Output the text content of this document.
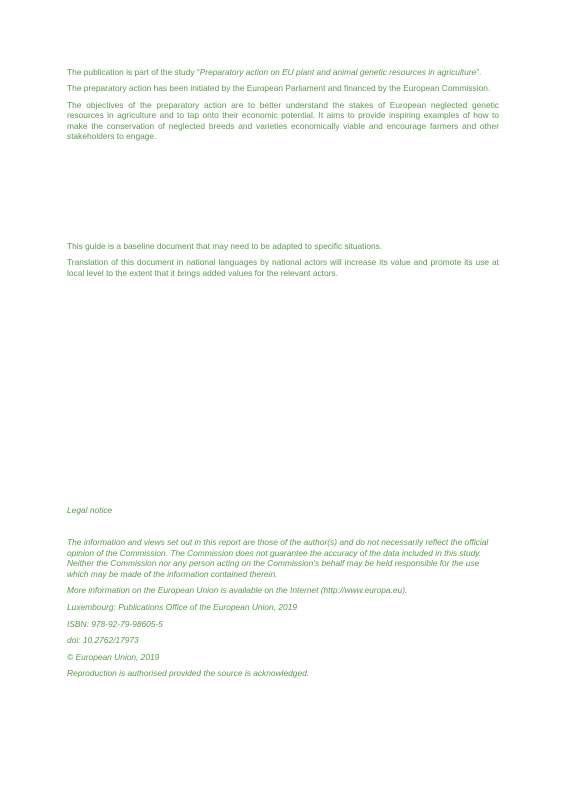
The publication is part of the study “Preparatory action on EU plant and animal genetic resources in agriculture”.

The preparatory action has been initiated by the European Parliament and financed by the European Commission.

The objectives of the preparatory action are to better understand the stakes of European neglected genetic resources in agriculture and to tap onto their economic potential. It aims to provide inspiring examples of how to make the conservation of neglected breeds and varieties economically viable and encourage farmers and other stakeholders to engage.

This guide is a baseline document that may need to be adapted to specific situations.

Translation of this document in national languages by national actors will increase its value and promote its use at local level to the extent that it brings added values for the relevant actors.

Legal notice

The information and views set out in this report are those of the author(s) and do not necessarily reflect the official opinion of the Commission. The Commission does not guarantee the accuracy of the data included in this study. Neither the Commission nor any person acting on the Commission’s behalf may be held responsible for the use which may be made of the information contained therein.

More information on the European Union is available on the Internet (http://www.europa.eu).

Luxembourg: Publications Office of the European Union, 2019

ISBN: 978-92-79-98605-5

doi: 10.2762/17973

© European Union, 2019

Reproduction is authorised provided the source is acknowledged.
